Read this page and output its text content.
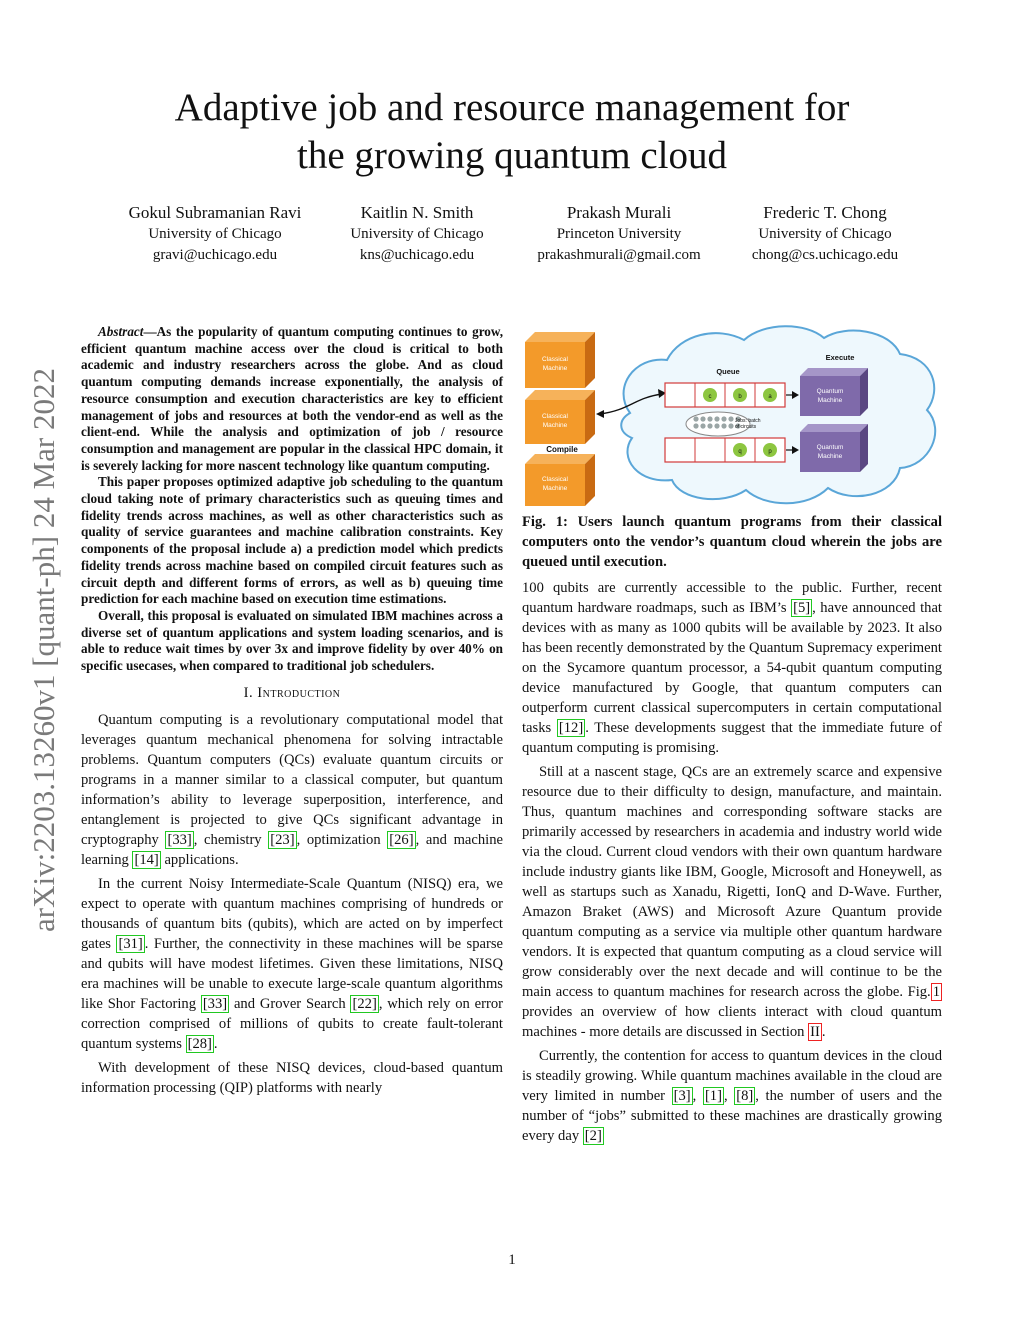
Adaptive job and resource management for
the growing quantum cloud
Gokul Subramanian Ravi
University of Chicago
gravi@uchicago.edu
Kaitlin N. Smith
University of Chicago
kns@uchicago.edu
Prakash Murali
Princeton University
prakashmurali@gmail.com
Frederic T. Chong
University of Chicago
chong@cs.uchicago.edu
arXiv:2203.13260v1 [quant-ph] 24 Mar 2022

Abstract—As the popularity of quantum computing continues to grow, efficient quantum machine access over the cloud is critical to both academic and industry researchers across the globe. And as cloud quantum computing demands increase exponentially, the analysis of resource consumption and execution characteristics are key to efficient management of jobs and resources at both the vendor-end as well as the client-end. While the analysis and optimization of job / resource consumption and management are popular in the classical HPC domain, it is severely lacking for more nascent technology like quantum computing.

This paper proposes optimized adaptive job scheduling to the quantum cloud taking note of primary characteristics such as queuing times and fidelity trends across machines, as well as other characteristics such as quality of service guarantees and machine calibration constraints. Key components of the proposal include a) a prediction model which predicts fidelity trends across machine based on compiled circuit features such as circuit depth and different forms of errors, as well as b) queuing time prediction for each machine based on execution time estimations.

Overall, this proposal is evaluated on simulated IBM machines across a diverse set of quantum applications and system loading scenarios, and is able to reduce wait times by over 3x and improve fidelity by over 40% on specific usecases, when compared to traditional job schedulers.

I. Introduction

Quantum computing is a revolutionary computational model that leverages quantum mechanical phenomena for solving intractable problems. Quantum computers (QCs) evaluate quantum circuits or programs in a manner similar to a classical computer, but quantum information’s ability to leverage superposition, interference, and entanglement is projected to give QCs significant advantage in cryptography [33] , chemistry [23] , optimization [26] , and machine learning [14] applications.

In the current Noisy Intermediate-Scale Quantum (NISQ) era, we expect to operate with quantum machines comprising of hundreds or thousands of quantum bits (qubits), which are acted on by imperfect gates [31] . Further, the connectivity in these machines will be sparse and qubits will have modest lifetimes. Given these limitations, NISQ era machines will be unable to execute large-scale quantum algorithms like Shor Factoring [33] and Grover Search [22] , which rely on error correction comprised of millions of qubits to create fault-tolerant quantum systems [28] .

With development of these NISQ devices, cloud-based quantum information processing (QIP) platforms with nearly

Classical
Machine
Classical
Machine
Compile
Classical
Machine
Queue
c	b	a
Jobs: batch
of circuits
q	p
Execute
Quantum
Machine
Quantum
Machine
Fig. 1: Users launch quantum programs from their classical computers onto the vendor’s quantum cloud wherein the jobs are queued until execution.

100 qubits are currently accessible to the public. Further, recent quantum hardware roadmaps, such as IBM’s [5] , have announced that devices with as many as 1000 qubits will be available by 2023. It also has been recently demonstrated by the Quantum Supremacy experiment on the Sycamore quantum processor, a 54-qubit quantum computing device manufactured by Google, that quantum computers can outperform current classical supercomputers in certain computational tasks [12] . These developments suggest that the immediate future of quantum computing is promising.

Still at a nascent stage, QCs are an extremely scarce and expensive resource due to their difficulty to design, manufacture, and maintain. Thus, quantum machines and corresponding software stacks are primarily accessed by researchers in academia and industry world wide via the cloud. Current cloud vendors with their own quantum hardware include industry giants like IBM, Google, Microsoft and Honeywell, as well as startups such as Xanadu, Rigetti, IonQ and D-Wave. Further, Amazon Braket (AWS) and Microsoft Azure Quantum provide quantum computing as a service via multiple other quantum hardware vendors. It is expected that quantum computing as a cloud service will grow considerably over the next decade and will continue to be the main access to quantum machines for research across the globe. Fig. 1 provides an overview of how clients interact with cloud quantum machines - more details are discussed in Section II .

Currently, the contention for access to quantum devices in the cloud is steadily growing. While quantum machines available in the cloud are very limited in number [3] , [1] , [8] , the number of users and the number of “jobs” submitted to these machines are drastically growing every day [2]

1
